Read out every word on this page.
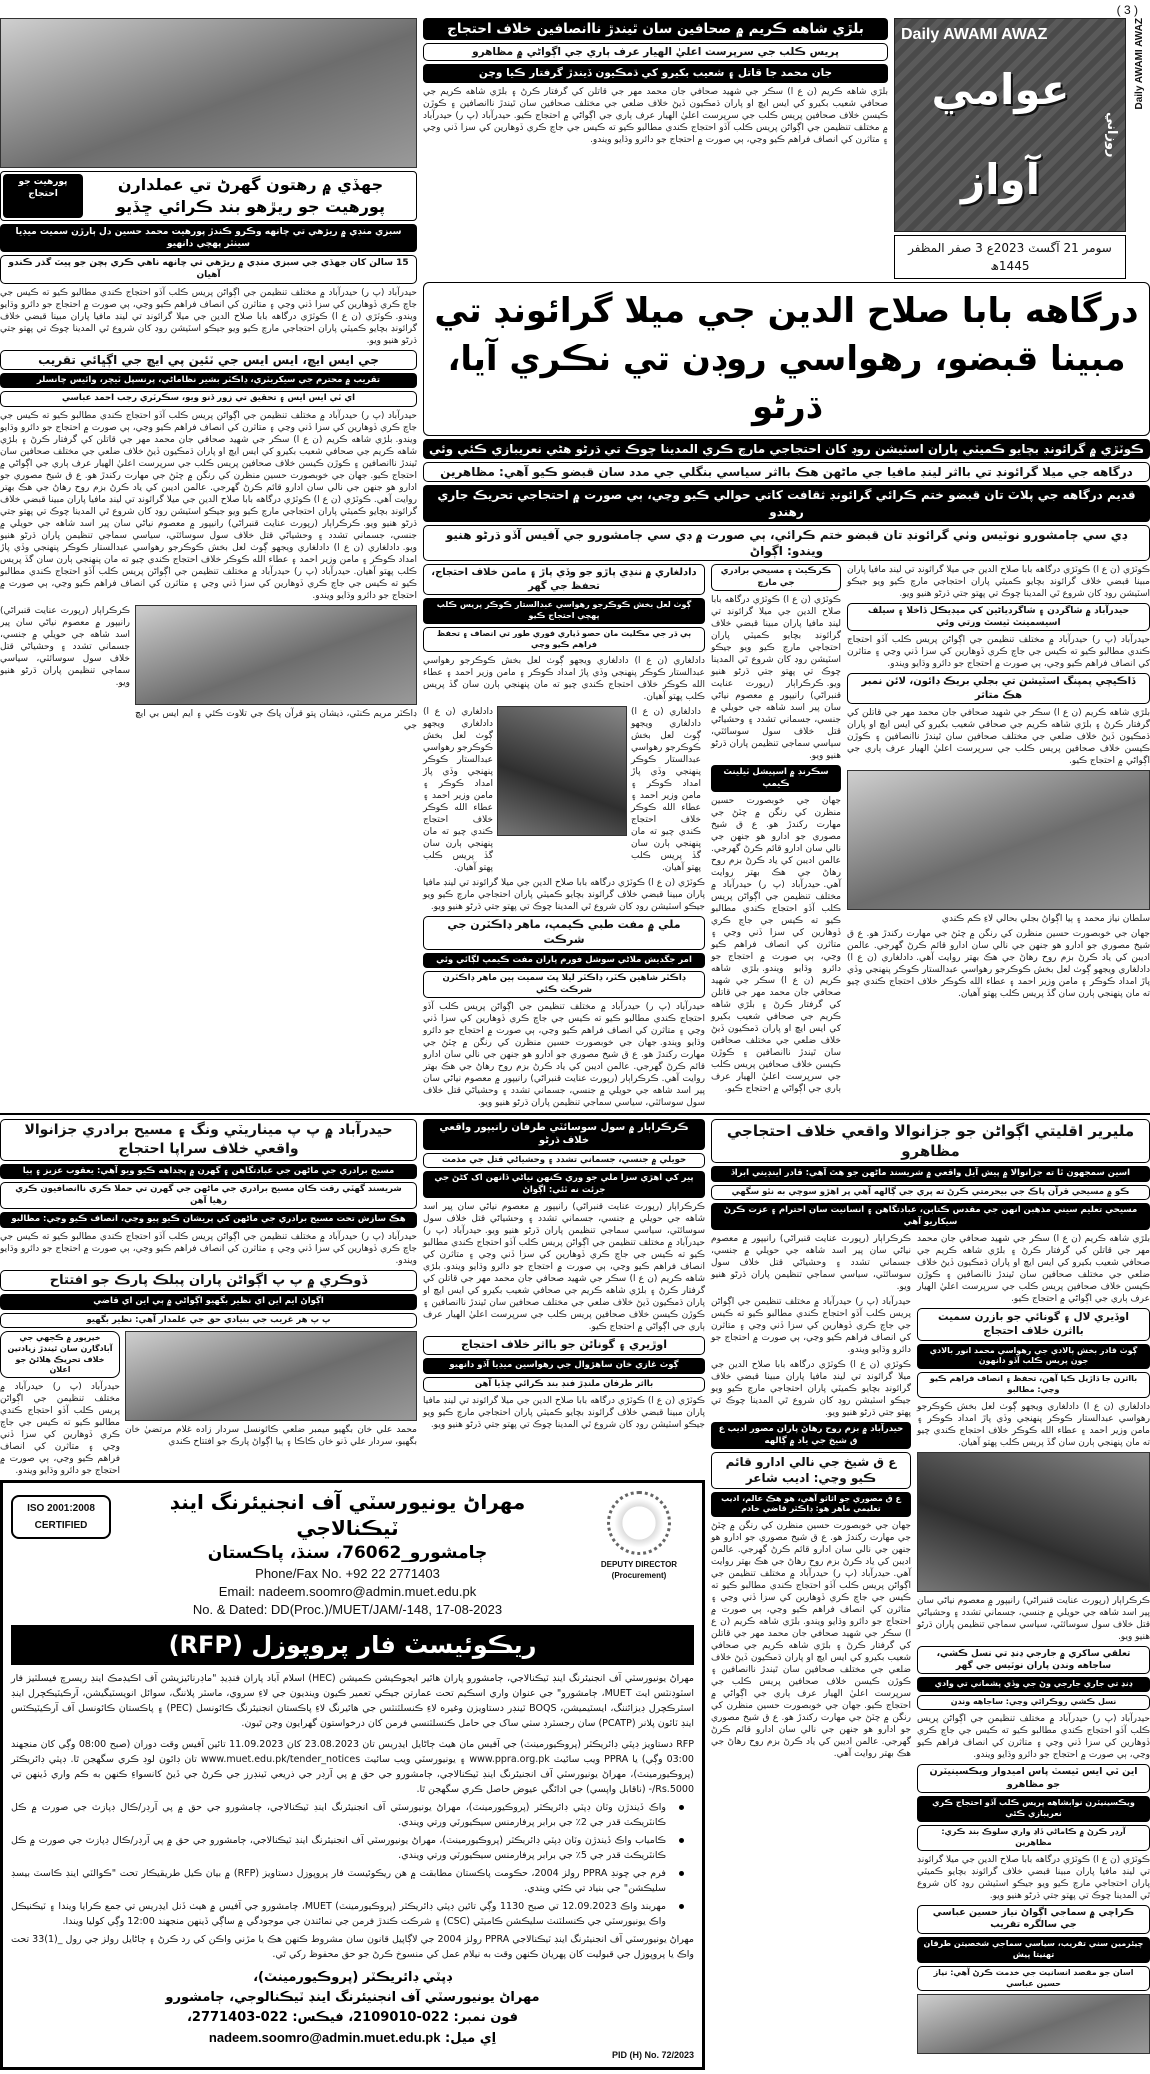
( 3 )
پورهيت جو احتجاج
جهڏي ۾ رهتون گهرڻ تي عملدارن پورهيت جو ريڙهو بند ڪرائي ڇڏيو
سبزي منڊي ۾ ريڙهي تي چانهه وڪرو ڪندڙ پورهيت محمد حسين دل ٻارڙن سميت ميڊيا سينٽر پهچي دانهيو
15 سالن کان جهڏي جي سبزي منڊي ۾ ريڙهي تي چانهه ناهي ڪري ٻچن جو پيٽ گذر ڪندو آهيان
حيدرآباد (پ ر) حيدرآباد ۾ مختلف تنظيمن جي اڳواڻن پريس ڪلب آڏو احتجاج ڪندي مطالبو ڪيو ته ڪيس جي جاچ ڪري ڏوهارين کي سزا ڏني وڃي ۽ متاثرن کي انصاف فراهم ڪيو وڃي، ٻي صورت ۾ احتجاج جو دائرو وڌايو ويندو.ڪوٽڙي (ن ع ا) ڪوٽڙي درگاهه بابا صلاح الدين جي ميلا گرائونڊ تي لينڊ مافيا پاران مبينا قبضي خلاف گرائونڊ بچايو ڪميٽي پاران احتجاجي مارچ ڪيو ويو جيڪو اسٽيشن روڊ کان شروع ٿي المدينا چوڪ تي پهتو جتي ڌرڻو هنيو ويو.
جي ايس ايڇ، ايس ايس جي ٽئين پي ايڇ جي اڳڀائي تقريب
تقريب ۾ محترم جي سيکريٽري، ڊاڪٽر بشير نظاماڻي، پرنسپل ٽيچر، وائيس چانسلر
اي ٽي ايس ايس ۽ تحقيق تي زور ڏنو ويو، سڪرٽري رجب احمد عباسي
حيدرآباد (پ ر) حيدرآباد ۾ مختلف تنظيمن جي اڳواڻن پريس ڪلب آڏو احتجاج ڪندي مطالبو ڪيو ته ڪيس جي جاچ ڪري ڏوهارين کي سزا ڏني وڃي ۽ متاثرن کي انصاف فراهم ڪيو وڃي، ٻي صورت ۾ احتجاج جو دائرو وڌايو ويندو.بلڙي شاهه ڪريم (ن ع ا) سڪر جي شهيد صحافي جان محمد مهر جي قاتلن کي گرفتار ڪرڻ ۽ بلڙي شاهه ڪريم جي صحافي شعيب بکيرو کي ايس ايڇ او پاران ڌمڪيون ڏيڻ خلاف ضلعي جي مختلف صحافين سان ٿيندڙ ناانصافين ۽ ڪوڙن ڪيسن خلاف صحافين پريس ڪلب جي سرپرست اعليٰ الهيار عرف ٻاري جي اڳواڻي ۾ احتجاج ڪيو.جهان جي خوبصورت حسين منظرن کي رنگن ۾ چٽڻ جي مهارت رکندڙ هو. ع ق شيخ مصوري جو ادارو هو جنهن جي نالي سان ادارو قائم ڪرڻ گهرجي. عالمن اديبن کي ياد ڪرڻ بزم روح رهاڻ جي هڪ بهتر روايت آهي.ڪوٽڙي (ن ع ا) ڪوٽڙي درگاهه بابا صلاح الدين جي ميلا گرائونڊ تي لينڊ مافيا پاران مبينا قبضي خلاف گرائونڊ بچايو ڪميٽي پاران احتجاجي مارچ ڪيو ويو جيڪو اسٽيشن روڊ کان شروع ٿي المدينا چوڪ تي پهتو جتي ڌرڻو هنيو ويو.ڪرڪراٻار (رپورٽ عنايت قنبراڻي) رانيپور ۾ معصوم نياڻي سان پير اسد شاهه جي حويلي ۾ جنسي، جسماني تشدد ۽ وحشياڻي قتل خلاف سول سوسائٽي، سياسي سماجي تنظيمن پاران ڌرڻو هنيو ويو.دادلغاري (ن ع ا) دادلغاري ويجهو ڳوٺ لعل بخش ڪوڪرجو رهواسي عبدالستار ڪوڪر پنهنجي وڏي پاڙ امداد ڪوڪر ۽ مامن وزير احمد ۽ عطاء الله ڪوڪر خلاف احتجاج ڪندي چيو ته مان پنهنجي ٻارن سان گڏ پريس ڪلب پهتو آهيان.حيدرآباد (پ ر) حيدرآباد ۾ مختلف تنظيمن جي اڳواڻن پريس ڪلب آڏو احتجاج ڪندي مطالبو ڪيو ته ڪيس جي جاچ ڪري ڏوهارين کي سزا ڏني وڃي ۽ متاثرن کي انصاف فراهم ڪيو وڃي، ٻي صورت ۾ احتجاج جو دائرو وڌايو ويندو.
ڪرڪراٻار (رپورٽ عنايت قنبراڻي) رانيپور ۾ معصوم نياڻي سان پير اسد شاهه جي حويلي ۾ جنسي، جسماني تشدد ۽ وحشياڻي قتل خلاف سول سوسائٽي، سياسي سماجي تنظيمن پاران ڌرڻو هنيو ويو.
ڊاڪٽر مريم ڪنٽي، ذيشان پتو قرآن پاڪ جي تلاوت ڪئي ۽ ايم ايس بي ايڇ جي
بلڙي شاهه ڪريم ۾ صحافين سان ٿيندڙ ناانصافين خلاف احتجاج
پريس ڪلب جي سرپرست اعليٰ الهيار عرف ٻاري جي اڳواڻي ۾ مظاهرو
جان محمد جا قاتل ۽ شعيب بکيرو کي ڌمڪيون ڏيندڙ گرفتار ڪيا وڃن
بلڙي شاهه ڪريم (ن ع ا) سڪر جي شهيد صحافي جان محمد مهر جي قاتلن کي گرفتار ڪرڻ ۽ بلڙي شاهه ڪريم جي صحافي شعيب بکيرو کي ايس ايڇ او پاران ڌمڪيون ڏيڻ خلاف ضلعي جي مختلف صحافين سان ٿيندڙ ناانصافين ۽ ڪوڙن ڪيسن خلاف صحافين پريس ڪلب جي سرپرست اعليٰ الهيار عرف ٻاري جي اڳواڻي ۾ احتجاج ڪيو.حيدرآباد (پ ر) حيدرآباد ۾ مختلف تنظيمن جي اڳواڻن پريس ڪلب آڏو احتجاج ڪندي مطالبو ڪيو ته ڪيس جي جاچ ڪري ڏوهارين کي سزا ڏني وڃي ۽ متاثرن کي انصاف فراهم ڪيو وڃي، ٻي صورت ۾ احتجاج جو دائرو وڌايو ويندو.
Daily AWAMI AWAZ
عوامي آواز
روزاني
سومر 21 آگسٽ 2023ع 3 صفر المظفر 1445ھ
Daily AWAMI AWAZ
درگاهه بابا صلاح الدين جي ميلا گرائونڊ تي مبينا قبضو، رهواسي روڊن تي نڪري آيا، ڌرڻو
ڪوٽڙي ۾ گرائونڊ بچايو ڪميٽي پاران اسٽيشن روڊ کان احتجاجي مارچ ڪري المدينا چوڪ تي ڌرڻو هڻي نعريبازي ڪئي وئي
درگاهه جي ميلا گرائونڊ تي بااثر لينڊ مافيا جي ماڻهن هڪ بااثر سياسي بنگلي جي مدد سان قبضو ڪيو آهي: مظاهرين
قديم درگاهه جي پلاٽ تان قبضو ختم ڪرائي گرائونڊ ثقافت کاتي حوالي ڪيو وڃي، ٻي صورت ۾ احتجاجي تحريڪ جاري رهندو
ڊي سي ڄامشورو نوٽيس وٺي گرائونڊ تان قبضو ختم ڪرائي، ٻي صورت ۾ ڊي سي ڄامشورو جي آفيس آڏو ڌرڻو هنيو ويندو: اڳواڻ
دادلغاري ۾ ننڍي پاڙو جو وڏي پاڙ ۽ مامن خلاف احتجاج، تحفظ جي گهر
ڳوٺ لعل بخش ڪوڪرجو رهواسي عبدالستار ڪوڪر پريس ڪلب پهچي احتجاج ڪيو
ٻي ڌر جي مڪليت مان حصو ڏياري فوري طور تي انصاف ۽ تحفظ فراهم ڪيو وڃي
دادلغاري (ن ع ا) دادلغاري ويجهو ڳوٺ لعل بخش ڪوڪرجو رهواسي عبدالستار ڪوڪر پنهنجي وڏي پاڙ امداد ڪوڪر ۽ مامن وزير احمد ۽ عطاء الله ڪوڪر خلاف احتجاج ڪندي چيو ته مان پنهنجي ٻارن سان گڏ پريس ڪلب پهتو آهيان.
دادلغاري (ن ع ا) دادلغاري ويجهو ڳوٺ لعل بخش ڪوڪرجو رهواسي عبدالستار ڪوڪر پنهنجي وڏي پاڙ امداد ڪوڪر ۽ مامن وزير احمد ۽ عطاء الله ڪوڪر خلاف احتجاج ڪندي چيو ته مان پنهنجي ٻارن سان گڏ پريس ڪلب پهتو آهيان.
دادلغاري (ن ع ا) دادلغاري ويجهو ڳوٺ لعل بخش ڪوڪرجو رهواسي عبدالستار ڪوڪر پنهنجي وڏي پاڙ امداد ڪوڪر ۽ مامن وزير احمد ۽ عطاء الله ڪوڪر خلاف احتجاج ڪندي چيو ته مان پنهنجي ٻارن سان گڏ پريس ڪلب پهتو آهيان.
ڪوٽڙي (ن ع ا) ڪوٽڙي درگاهه بابا صلاح الدين جي ميلا گرائونڊ تي لينڊ مافيا پاران مبينا قبضي خلاف گرائونڊ بچايو ڪميٽي پاران احتجاجي مارچ ڪيو ويو جيڪو اسٽيشن روڊ کان شروع ٿي المدينا چوڪ تي پهتو جتي ڌرڻو هنيو ويو.
ملي ۾ مفت طبي ڪيمپ، ماهر ڊاڪٽرن جي شرڪت
امر جگديش ملاڻي سوشل فورم پاران مفت ڪيمپ لڳائي وئي
ڊاڪٽر شاهين ڪٽر، ڊاڪٽر ليلا ڀٽ سميت ٻين ماهر ڊاڪٽرن شرڪت ڪئي
حيدرآباد (پ ر) حيدرآباد ۾ مختلف تنظيمن جي اڳواڻن پريس ڪلب آڏو احتجاج ڪندي مطالبو ڪيو ته ڪيس جي جاچ ڪري ڏوهارين کي سزا ڏني وڃي ۽ متاثرن کي انصاف فراهم ڪيو وڃي، ٻي صورت ۾ احتجاج جو دائرو وڌايو ويندو.جهان جي خوبصورت حسين منظرن کي رنگن ۾ چٽڻ جي مهارت رکندڙ هو. ع ق شيخ مصوري جو ادارو هو جنهن جي نالي سان ادارو قائم ڪرڻ گهرجي. عالمن اديبن کي ياد ڪرڻ بزم روح رهاڻ جي هڪ بهتر روايت آهي.ڪرڪراٻار (رپورٽ عنايت قنبراڻي) رانيپور ۾ معصوم نياڻي سان پير اسد شاهه جي حويلي ۾ جنسي، جسماني تشدد ۽ وحشياڻي قتل خلاف سول سوسائٽي، سياسي سماجي تنظيمن پاران ڌرڻو هنيو ويو.
ڪرڪيٽ ۽ مسيحي برادري جي مارچ
ڪوٽڙي (ن ع ا) ڪوٽڙي درگاهه بابا صلاح الدين جي ميلا گرائونڊ تي لينڊ مافيا پاران مبينا قبضي خلاف گرائونڊ بچايو ڪميٽي پاران احتجاجي مارچ ڪيو ويو جيڪو اسٽيشن روڊ کان شروع ٿي المدينا چوڪ تي پهتو جتي ڌرڻو هنيو ويو.ڪرڪراٻار (رپورٽ عنايت قنبراڻي) رانيپور ۾ معصوم نياڻي سان پير اسد شاهه جي حويلي ۾ جنسي، جسماني تشدد ۽ وحشياڻي قتل خلاف سول سوسائٽي، سياسي سماجي تنظيمن پاران ڌرڻو هنيو ويو.
سڪرنڊ ۾ اسپيشل ٽيلينٽ ڪيمپ
جهان جي خوبصورت حسين منظرن کي رنگن ۾ چٽڻ جي مهارت رکندڙ هو. ع ق شيخ مصوري جو ادارو هو جنهن جي نالي سان ادارو قائم ڪرڻ گهرجي. عالمن اديبن کي ياد ڪرڻ بزم روح رهاڻ جي هڪ بهتر روايت آهي.حيدرآباد (پ ر) حيدرآباد ۾ مختلف تنظيمن جي اڳواڻن پريس ڪلب آڏو احتجاج ڪندي مطالبو ڪيو ته ڪيس جي جاچ ڪري ڏوهارين کي سزا ڏني وڃي ۽ متاثرن کي انصاف فراهم ڪيو وڃي، ٻي صورت ۾ احتجاج جو دائرو وڌايو ويندو.بلڙي شاهه ڪريم (ن ع ا) سڪر جي شهيد صحافي جان محمد مهر جي قاتلن کي گرفتار ڪرڻ ۽ بلڙي شاهه ڪريم جي صحافي شعيب بکيرو کي ايس ايڇ او پاران ڌمڪيون ڏيڻ خلاف ضلعي جي مختلف صحافين سان ٿيندڙ ناانصافين ۽ ڪوڙن ڪيسن خلاف صحافين پريس ڪلب جي سرپرست اعليٰ الهيار عرف ٻاري جي اڳواڻي ۾ احتجاج ڪيو.
ڪوٽڙي (ن ع ا) ڪوٽڙي درگاهه بابا صلاح الدين جي ميلا گرائونڊ تي لينڊ مافيا پاران مبينا قبضي خلاف گرائونڊ بچايو ڪميٽي پاران احتجاجي مارچ ڪيو ويو جيڪو اسٽيشن روڊ کان شروع ٿي المدينا چوڪ تي پهتو جتي ڌرڻو هنيو ويو.
حيدرآباد ۾ شاگردن ۽ شاگردياڻين کي ميڊيڪل ڏاخلا ۽ سيلف اسيسمينٽ ٽيسٽ ورتي وئي
حيدرآباد (پ ر) حيدرآباد ۾ مختلف تنظيمن جي اڳواڻن پريس ڪلب آڏو احتجاج ڪندي مطالبو ڪيو ته ڪيس جي جاچ ڪري ڏوهارين کي سزا ڏني وڃي ۽ متاثرن کي انصاف فراهم ڪيو وڃي، ٻي صورت ۾ احتجاج جو دائرو وڌايو ويندو.
ڏاڪيچي پمپنگ اسٽيشن تي بجلي بريڪ ڊائون، لائن نمبر هڪ متاثر
بلڙي شاهه ڪريم (ن ع ا) سڪر جي شهيد صحافي جان محمد مهر جي قاتلن کي گرفتار ڪرڻ ۽ بلڙي شاهه ڪريم جي صحافي شعيب بکيرو کي ايس ايڇ او پاران ڌمڪيون ڏيڻ خلاف ضلعي جي مختلف صحافين سان ٿيندڙ ناانصافين ۽ ڪوڙن ڪيسن خلاف صحافين پريس ڪلب جي سرپرست اعليٰ الهيار عرف ٻاري جي اڳواڻي ۾ احتجاج ڪيو.
سلطان نياز محمد ۽ ٻيا اڳواڻ بجلي بحالي لاءِ ڪم ڪندي
جهان جي خوبصورت حسين منظرن کي رنگن ۾ چٽڻ جي مهارت رکندڙ هو. ع ق شيخ مصوري جو ادارو هو جنهن جي نالي سان ادارو قائم ڪرڻ گهرجي. عالمن اديبن کي ياد ڪرڻ بزم روح رهاڻ جي هڪ بهتر روايت آهي.دادلغاري (ن ع ا) دادلغاري ويجهو ڳوٺ لعل بخش ڪوڪرجو رهواسي عبدالستار ڪوڪر پنهنجي وڏي پاڙ امداد ڪوڪر ۽ مامن وزير احمد ۽ عطاء الله ڪوڪر خلاف احتجاج ڪندي چيو ته مان پنهنجي ٻارن سان گڏ پريس ڪلب پهتو آهيان.
حيدرآباد ۾ پ پ ميناريٽي ونگ ۽ مسيح برادري جزانوالا واقعي خلاف سراپا احتجاج
مسيح برادري جي ماڻهن جي عبادتگاهن ۽ گهرن ۾ پڃداهه ڪيو ويو آهي: يعقوب عزيز ۽ ٻيا
شريسند گهٽي رقت ڪان مسيح برادري جي ماڻهن جي گهرن تي حملا ڪري ناانصافيون ڪري رهيا آهن
هڪ سازش تحت مسيح برادري جي ماڻهن کي پريشان ڪيو پيو وڃي، انصاف ڪيو وڃي: مطالبو
حيدرآباد (پ ر) حيدرآباد ۾ مختلف تنظيمن جي اڳواڻن پريس ڪلب آڏو احتجاج ڪندي مطالبو ڪيو ته ڪيس جي جاچ ڪري ڏوهارين کي سزا ڏني وڃي ۽ متاثرن کي انصاف فراهم ڪيو وڃي، ٻي صورت ۾ احتجاج جو دائرو وڌايو ويندو.
ڏوڪري ۾ پ پ اڳواڻن پاران پبلڪ پارڪ جو افتتاح
اڳواڻ ايم اين اي نظير بگهيو اڳواڻي ۾ ٻي اين اي قاضي
پ پ هر غريب جي بنيادي حق جي علمدار آهي: نظير بگهيو
خيرپور ۾ ڪجهي جي آبادگارن سان ٿيندڙ زيادتين خلاف تحريڪ هلائڻ جو اعلان
حيدرآباد (پ ر) حيدرآباد ۾ مختلف تنظيمن جي اڳواڻن پريس ڪلب آڏو احتجاج ڪندي مطالبو ڪيو ته ڪيس جي جاچ ڪري ڏوهارين کي سزا ڏني وڃي ۽ متاثرن کي انصاف فراهم ڪيو وڃي، ٻي صورت ۾ احتجاج جو دائرو وڌايو ويندو.
محمد علي خان بگهيو ميمبر ضلعي ڪائونسل سردار زاده غلام مرتضيٰ خان بگهيو، سردار علي ڏنو خان ڪاڪا ۽ ٻيا اڳواڻ پارڪ جو افتتاح ڪندي
ڪرڪراٻار ۾ سول سوسائٽي طرفان رانيپور واقعي خلاف ڌرڻو
حويلي ۾ جنسي، جسماني تشدد ۽ وحشياڻي قتل جي مذمت
پير کي اهڙي سزا ملي جو وري ڪنهن نياڻي ڏانهن اک کڻڻ جي جرئت نه ٿئي: اڳواڻ
ڪرڪراٻار (رپورٽ عنايت قنبراڻي) رانيپور ۾ معصوم نياڻي سان پير اسد شاهه جي حويلي ۾ جنسي، جسماني تشدد ۽ وحشياڻي قتل خلاف سول سوسائٽي، سياسي سماجي تنظيمن پاران ڌرڻو هنيو ويو.حيدرآباد (پ ر) حيدرآباد ۾ مختلف تنظيمن جي اڳواڻن پريس ڪلب آڏو احتجاج ڪندي مطالبو ڪيو ته ڪيس جي جاچ ڪري ڏوهارين کي سزا ڏني وڃي ۽ متاثرن کي انصاف فراهم ڪيو وڃي، ٻي صورت ۾ احتجاج جو دائرو وڌايو ويندو.بلڙي شاهه ڪريم (ن ع ا) سڪر جي شهيد صحافي جان محمد مهر جي قاتلن کي گرفتار ڪرڻ ۽ بلڙي شاهه ڪريم جي صحافي شعيب بکيرو کي ايس ايڇ او پاران ڌمڪيون ڏيڻ خلاف ضلعي جي مختلف صحافين سان ٿيندڙ ناانصافين ۽ ڪوڙن ڪيسن خلاف صحافين پريس ڪلب جي سرپرست اعليٰ الهيار عرف ٻاري جي اڳواڻي ۾ احتجاج ڪيو.
اوڙيري ۽ گونائن جو بااثر خلاف احتجاج
ڳوٺ غازي خان ساهڙوال جي رهواسين ميڊيا آڏو دانهيو
بااثر طرفان ملنڊڙ فنڊ بند ڪرائي ڇڏيا آهن
ڪوٽڙي (ن ع ا) ڪوٽڙي درگاهه بابا صلاح الدين جي ميلا گرائونڊ تي لينڊ مافيا پاران مبينا قبضي خلاف گرائونڊ بچايو ڪميٽي پاران احتجاجي مارچ ڪيو ويو جيڪو اسٽيشن روڊ کان شروع ٿي المدينا چوڪ تي پهتو جتي ڌرڻو هنيو ويو.
ISO 2001:2008
CERTIFIED
مهراڻ يونيورسٽي آف انجنيئرنگ اينڊ ٽيڪنالاجي
ڄامشورو_76062، سنڌ، پاڪستان
Phone/Fax No. +92 22 2771403
Email: nadeem.soomro@admin.muet.edu.pk
No. & Dated: DD(Proc.)/MUET/JAM/-148, 17-08-2023
DEPUTY DIRECTOR
(Procurement)
ريڪوئيسٽ فار پروپوزل (RFP)
مهراڻ يونيورسٽي آف انجنيئرنگ اينڊ ٽيڪنالاجي، ڄامشورو پاران هائير ايجوڪيشن ڪميشن (HEC) اسلام آباد پاران فنڊيڊ "ماڊرنائيزيشن آف اڪيڊمڪ اينڊ ريسرچ فيسلٽيز فار اسٽوڊنٽس ايٽ MUET، ڄامشورو" جي عنوان واري اسڪيم تحت عمارتن جيڪي تعمير ڪيون وينديون جي لاءِ سروي، ماسٽر پلاننگ، سوائل انويسٽيگيشن، آرڪيٽيڪچرل اينڊ اسٽرڪچرل ڊيزائننگ، ايسٽيميشن، BOQS ٽينڊر دستاويزن وغيره لاءِ ڪنسلٽنٽس جي هائيرنگ لاءِ پاڪستان انجنيئرنگ ڪائونسل (PEC) ۽ پاڪستان ڪائونسل آف آرڪيٽيڪٽس اينڊ ٽائون پلانر (PCATP) سان رجسٽرڊ سٺي ساک جي حامل ڪنسلٽنسي فرمن کان درخواستون گهرايون وڃن ٿيون.
RFP دستاويز ڊپٽي ڊائريڪٽر (پروڪيورمينٽ) جي آفيس مان هيٺ ڄاڻايل ايڊريس تان 23.08.2023 کان 11.09.2023 تائين آفيس وقت دوران (صبح 08:00 وڳي کان منجهند 03:00 وڳي) يا PPRA ويب سائيٽ www.ppra.org.pk ۽ يونيورسٽي ويب سائيٽ www.muet.edu.pk/tender_notices تان ڊائون لوڊ ڪري سگهجن ٿا. ڊپٽي ڊائريڪٽر (پروڪيورمينٽ)، مهراڻ يونيورسٽي آف انجنيئرنگ اينڊ ٽيڪنالاجي، ڄامشورو جي حق ۾ پي آرڊر جي ذريعي ٽينڊرز جي ڪرڻ جي ڏيڻ کانسواءِ ڪنهن به ڪم واري ڏينهن تي Rs.5000/- (ناقابل واپسي) جي ادائگي عيوض حاصل ڪري سگهجن ٿا.
واڪ ڏيندڙن وٽان ڊپٽي ڊائريڪٽر (پروڪيورمينٽ)، مهراڻ يونيورسٽي آف انجنيئرنگ اينڊ ٽيڪنالاجي، ڄامشورو جي حق ۾ پي آرڊر/ڪال ڊپازٽ جي صورت ۾ ڪل ڪانٽريڪٽ قدر جي 2٪ جي برابر پرفارمنس سيڪيورٽي ورتي ويندي.
ڪامياب واڪ ڏيندڙن وٽان ڊپٽي ڊائريڪٽر (پروڪيورمينٽ)، مهراڻ يونيورسٽي آف انجنيئرنگ اينڊ ٽيڪنالاجي، ڄامشورو جي حق ۾ پي آرڊر/ڪال ڊپازٽ جي صورت ۾ ڪل ڪانٽريڪٽ قدر جي 5٪ جي برابر پرفارمنس سيڪيورٽي ورتي ويندي.
فرم جي چونڊ PPRA رولز 2004، حڪومت پاڪستان مطابقت ۾ هن ريڪوئيسٽ فار پروپوزل دستاويز (RFP) ۾ بيان ڪيل طريقيڪار تحت "ڪوالٽي اينڊ ڪاسٽ بيسڊ سليڪشن" جي بنياد تي ڪئي ويندي.
مهربند واڪ 12.09.2023 تي صبح 1130 وڳي تائين ڊپٽي ڊائريڪٽر (پروڪيورمينٽ) MUET، ڄامشورو جي آفيس ۾ هيٺ ڏنل ايڊريس تي جمع ڪرايا ويندا ۽ ٽيڪنيڪل واڪ يونيورسٽي جي ڪنسلٽنٽ سليڪشن ڪاميٽي (CSC) ۽ شرڪت ڪندڙ فرمن جي نمائندن جي موجودگي ۾ ساڳي ڏينهن منجهند 12:00 وڳي کوليا ويندا.
مهراڻ يونيورسٽي آف انجنيئرنگ اينڊ ٽيڪنالاجي PPRA رولز 2004 جي لاڳاپيل قانون سان مشروط ڪنهن هڪ يا مڙني واڪن کي رد ڪرڻ ۽ ڄاڻايل رولز جي رول _(1)33 تحت واڪ يا پروپوزل جي قبوليت کان پهريان ڪنهن وقت به نيلام عمل کي منسوخ ڪرڻ جو حق محفوظ رکي ٿي.
ڊپٽي ڊائريڪٽر (پروڪيورمينٽ)،
مهراڻ يونيورسٽي آف انجنيئرنگ اينڊ ٽيڪنالوجي، ڄامشورو
فون نمبر: 022-2109010، فيڪس: 022-2771403،
اِي ميل: nadeem.soomro@admin.muet.edu.pk
PID (H) No. 72/2023
مليرير اقليتي اڳواڻن جو جزانوالا واقعي خلاف احتجاجي مظاهرو
اسين سمجهون ٿا ته جزانوالا ۾ پيش آيل واقعي ۾ شريسند ماڻهن جو هٿ آهي: قادر اينڊيني ابراڏ
ڪو ۾ مسيحي قرآن پاڪ جي بيحرمتي ڪرڻ ته پري جي ڳالهه آهي پر اهڙو سوچي به نٿو سگهي
مسيحي تعليم سيني مذهبن انهن جي مقدس ڪتابن، عبادتگاهن ۽ انسانيت سان احترام ۽ عزت ڪرڻ سيکاريو آهي
ڪرڪراٻار (رپورٽ عنايت قنبراڻي) رانيپور ۾ معصوم نياڻي سان پير اسد شاهه جي حويلي ۾ جنسي، جسماني تشدد ۽ وحشياڻي قتل خلاف سول سوسائٽي، سياسي سماجي تنظيمن پاران ڌرڻو هنيو ويو.
حيدرآباد (پ ر) حيدرآباد ۾ مختلف تنظيمن جي اڳواڻن پريس ڪلب آڏو احتجاج ڪندي مطالبو ڪيو ته ڪيس جي جاچ ڪري ڏوهارين کي سزا ڏني وڃي ۽ متاثرن کي انصاف فراهم ڪيو وڃي، ٻي صورت ۾ احتجاج جو دائرو وڌايو ويندو.
ڪوٽڙي (ن ع ا) ڪوٽڙي درگاهه بابا صلاح الدين جي ميلا گرائونڊ تي لينڊ مافيا پاران مبينا قبضي خلاف گرائونڊ بچايو ڪميٽي پاران احتجاجي مارچ ڪيو ويو جيڪو اسٽيشن روڊ کان شروع ٿي المدينا چوڪ تي پهتو جتي ڌرڻو هنيو ويو.
حيدرآباد ۾ بزم روح رهاڻ پاران مصور اديب ع ق شيخ جي ياد ۾ ڳالهه
ع ق شيخ جي نالي ادارو قائم ڪيو وڃي: اديب شاعر
ع ق مصوري جو اثاثو آهي، هو هڪ عالم، اديب تعليمي ماهر هو: ڊاڪٽر قاضي خادم
جهان جي خوبصورت حسين منظرن کي رنگن ۾ چٽڻ جي مهارت رکندڙ هو. ع ق شيخ مصوري جو ادارو هو جنهن جي نالي سان ادارو قائم ڪرڻ گهرجي. عالمن اديبن کي ياد ڪرڻ بزم روح رهاڻ جي هڪ بهتر روايت آهي.حيدرآباد (پ ر) حيدرآباد ۾ مختلف تنظيمن جي اڳواڻن پريس ڪلب آڏو احتجاج ڪندي مطالبو ڪيو ته ڪيس جي جاچ ڪري ڏوهارين کي سزا ڏني وڃي ۽ متاثرن کي انصاف فراهم ڪيو وڃي، ٻي صورت ۾ احتجاج جو دائرو وڌايو ويندو.بلڙي شاهه ڪريم (ن ع ا) سڪر جي شهيد صحافي جان محمد مهر جي قاتلن کي گرفتار ڪرڻ ۽ بلڙي شاهه ڪريم جي صحافي شعيب بکيرو کي ايس ايڇ او پاران ڌمڪيون ڏيڻ خلاف ضلعي جي مختلف صحافين سان ٿيندڙ ناانصافين ۽ ڪوڙن ڪيسن خلاف صحافين پريس ڪلب جي سرپرست اعليٰ الهيار عرف ٻاري جي اڳواڻي ۾ احتجاج ڪيو.جهان جي خوبصورت حسين منظرن کي رنگن ۾ چٽڻ جي مهارت رکندڙ هو. ع ق شيخ مصوري جو ادارو هو جنهن جي نالي سان ادارو قائم ڪرڻ گهرجي. عالمن اديبن کي ياد ڪرڻ بزم روح رهاڻ جي هڪ بهتر روايت آهي.
بلڙي شاهه ڪريم (ن ع ا) سڪر جي شهيد صحافي جان محمد مهر جي قاتلن کي گرفتار ڪرڻ ۽ بلڙي شاهه ڪريم جي صحافي شعيب بکيرو کي ايس ايڇ او پاران ڌمڪيون ڏيڻ خلاف ضلعي جي مختلف صحافين سان ٿيندڙ ناانصافين ۽ ڪوڙن ڪيسن خلاف صحافين پريس ڪلب جي سرپرست اعليٰ الهيار عرف ٻاري جي اڳواڻي ۾ احتجاج ڪيو.
اوڏيري لال ۽ گونائي جو بازرن سميت بااثرن خلاف احتجاج
ڳوٺ قادر بخش ٻالادي جي رهواسي محمد انور بالادي جون پريس ڪلب آڏو دانهون
بااثرن جا ڌاڙيل ڪيا آهن، تحفظ ۽ انصاف فراهم ڪيو وڃي: مطالبو
دادلغاري (ن ع ا) دادلغاري ويجهو ڳوٺ لعل بخش ڪوڪرجو رهواسي عبدالستار ڪوڪر پنهنجي وڏي پاڙ امداد ڪوڪر ۽ مامن وزير احمد ۽ عطاء الله ڪوڪر خلاف احتجاج ڪندي چيو ته مان پنهنجي ٻارن سان گڏ پريس ڪلب پهتو آهيان.
ڪرڪراٻار (رپورٽ عنايت قنبراڻي) رانيپور ۾ معصوم نياڻي سان پير اسد شاهه جي حويلي ۾ جنسي، جسماني تشدد ۽ وحشياڻي قتل خلاف سول سوسائٽي، سياسي سماجي تنظيمن پاران ڌرڻو هنيو ويو.
تعلقي ساکري ۾ جارجي ڍنڍ تي نسل ڪشي، ساجاهه وندن پاران نوٽيس جي گهر
ڍنڍ تي جاري جارجي وڻ جي وڏي پشماني تي وادي
نسل ڪشي روڪرائي وڃي: ساجاهه وندن
حيدرآباد (پ ر) حيدرآباد ۾ مختلف تنظيمن جي اڳواڻن پريس ڪلب آڏو احتجاج ڪندي مطالبو ڪيو ته ڪيس جي جاچ ڪري ڏوهارين کي سزا ڏني وڃي ۽ متاثرن کي انصاف فراهم ڪيو وڃي، ٻي صورت ۾ احتجاج جو دائرو وڌايو ويندو.
اين ٽي ايس ٽيسٽ پاس اميدوار ويڪسينيٽرن جو مظاهرو
ويڪسينيٽرن نوابشاهه پريس ڪلب آڏو احتجاج ڪري نعريبازي ڪئي
آرڊر ڪرڻ ۾ ڪاماڻي ڏاڍ واري سلوڪ بند ڪري: مظاهرين
ڪوٽڙي (ن ع ا) ڪوٽڙي درگاهه بابا صلاح الدين جي ميلا گرائونڊ تي لينڊ مافيا پاران مبينا قبضي خلاف گرائونڊ بچايو ڪميٽي پاران احتجاجي مارچ ڪيو ويو جيڪو اسٽيشن روڊ کان شروع ٿي المدينا چوڪ تي پهتو جتي ڌرڻو هنيو ويو.
ڪراچي ۾ سماجي اڳواڻ نياز حسين عباسي جي سالگره تقريب
چيئرمين سني تقريب، سياسي سماجي شخصيتن طرفان تهنيتا پيش
اسان جو مقصد انسانيت جي خدمت ڪرڻ آهي: نياز حسين عباسي
